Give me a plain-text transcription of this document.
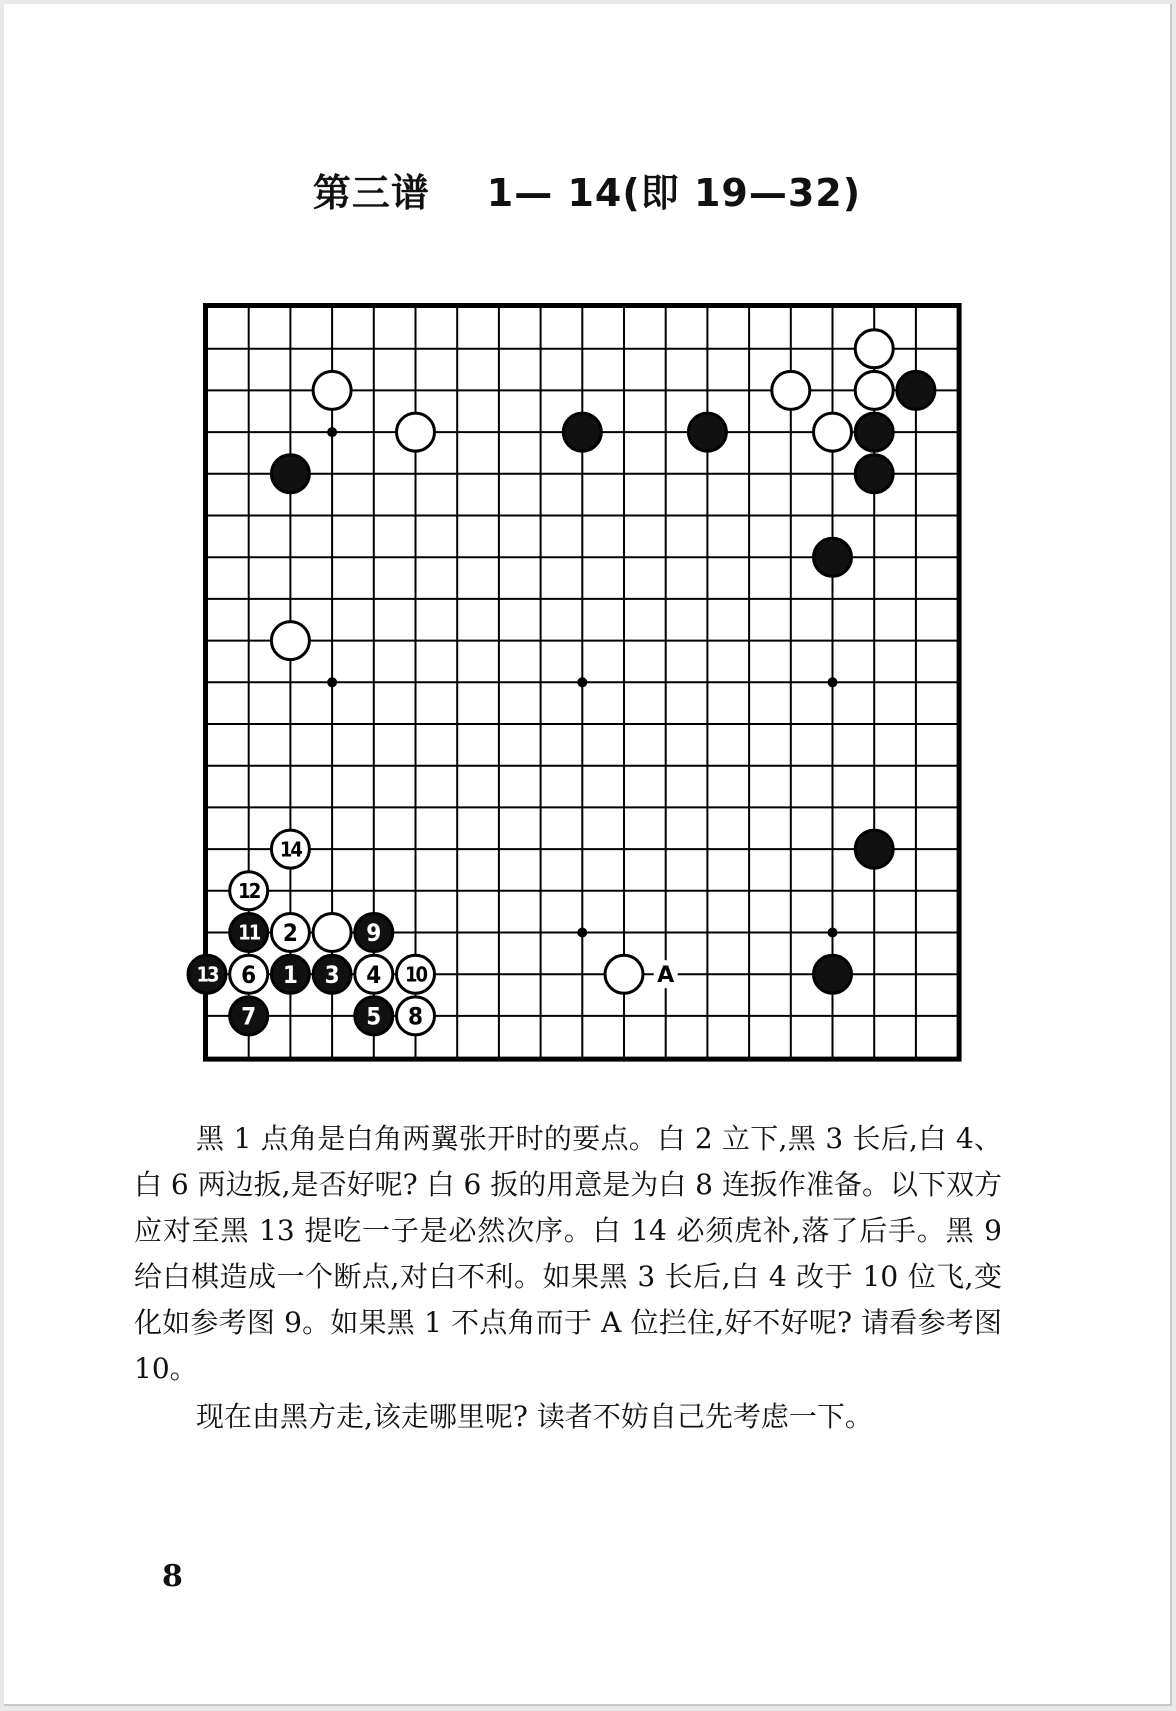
第三谱    1— 14(即 19—32)
A
1
2
3 4
5
6
7	8
9
10
11
12
13
14

黑 1 点角是白角两翼张开时的要点。白 2 立下,黑 3 长后,白 4、白 6 两边扳,是否好呢? 白 6 扳的用意是为白 8 连扳作准备。以下双方应对至黑 13 提吃一子是必然次序。白 14 必须虎补,落了后手。黑 9 给白棋造成一个断点,对白不利。如果黑 3 长后,白 4 改于 10 位飞,变化如参考图 9。如果黑 1 不点角而于 A 位拦住,好不好呢? 请看参考图 10。

现在由黑方走,该走哪里呢? 读者不妨自己先考虑一下。

8
